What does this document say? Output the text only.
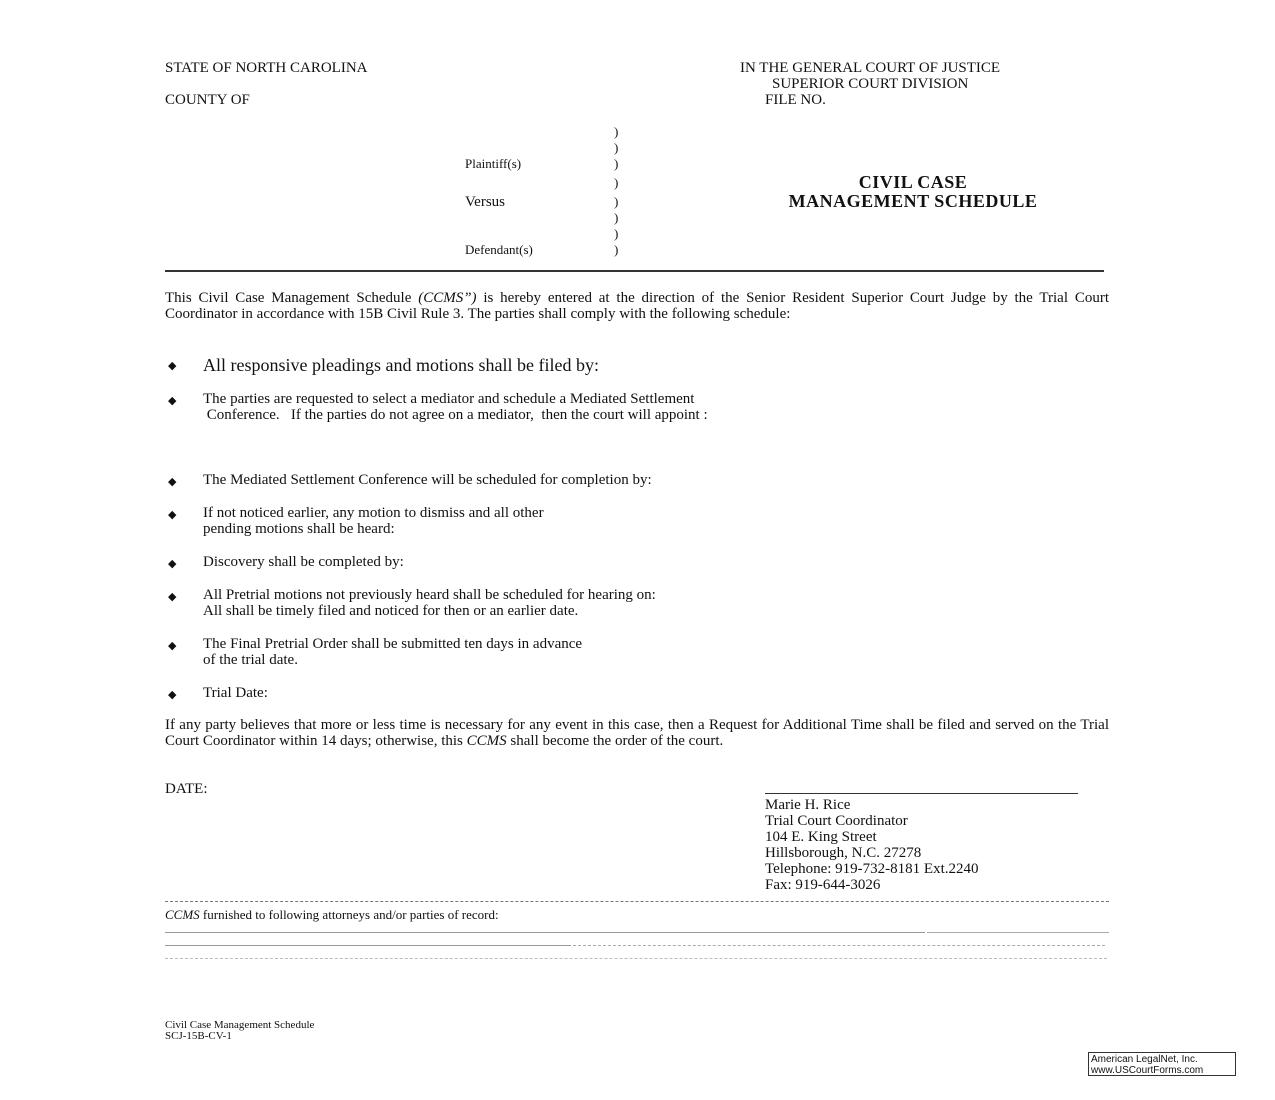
STATE OF NORTH CAROLINA
COUNTY OF
IN THE GENERAL COURT OF JUSTICE
SUPERIOR COURT DIVISION
FILE NO.
)
)
)
)
)
)
)
)
Plaintiff(s)
Versus
Defendant(s)
CIVIL CASE
MANAGEMENT SCHEDULE
This Civil Case Management Schedule (CCMS”) is hereby entered at the direction of the Senior Resident Superior Court Judge by the Trial Court Coordinator in accordance with 15B Civil Rule 3. The parties shall comply with the following schedule:
◆ All responsive pleadings and motions shall be filed by:
◆ The parties are requested to select a mediator and schedule a Mediated Settlement
Conference.   If the parties do not agree on a mediator,  then the court will appoint :
◆ The Mediated Settlement Conference will be scheduled for completion by:
◆ If not noticed earlier, any motion to dismiss and all other
pending motions shall be heard:
◆ Discovery shall be completed by:
◆ All Pretrial motions not previously heard shall be scheduled for hearing on:
All shall be timely filed and noticed for then or an earlier date.
◆ The Final Pretrial Order shall be submitted ten days in advance
of the trial date.
◆ Trial Date:
If any party believes that more or less time is necessary for any event in this case, then a Request for Additional Time shall be filed and served on the Trial Court Coordinator within 14 days; otherwise, this CCMS shall become the order of the court.
DATE:
Marie H. Rice
Trial Court Coordinator
104 E. King Street
Hillsborough, N.C. 27278
Telephone: 919-732-8181 Ext.2240
Fax: 919-644-3026
CCMS furnished to following attorneys and/or parties of record:
Civil Case Management Schedule
SCJ-15B-CV-1
American LegalNet, Inc.
www.USCourtForms.com
